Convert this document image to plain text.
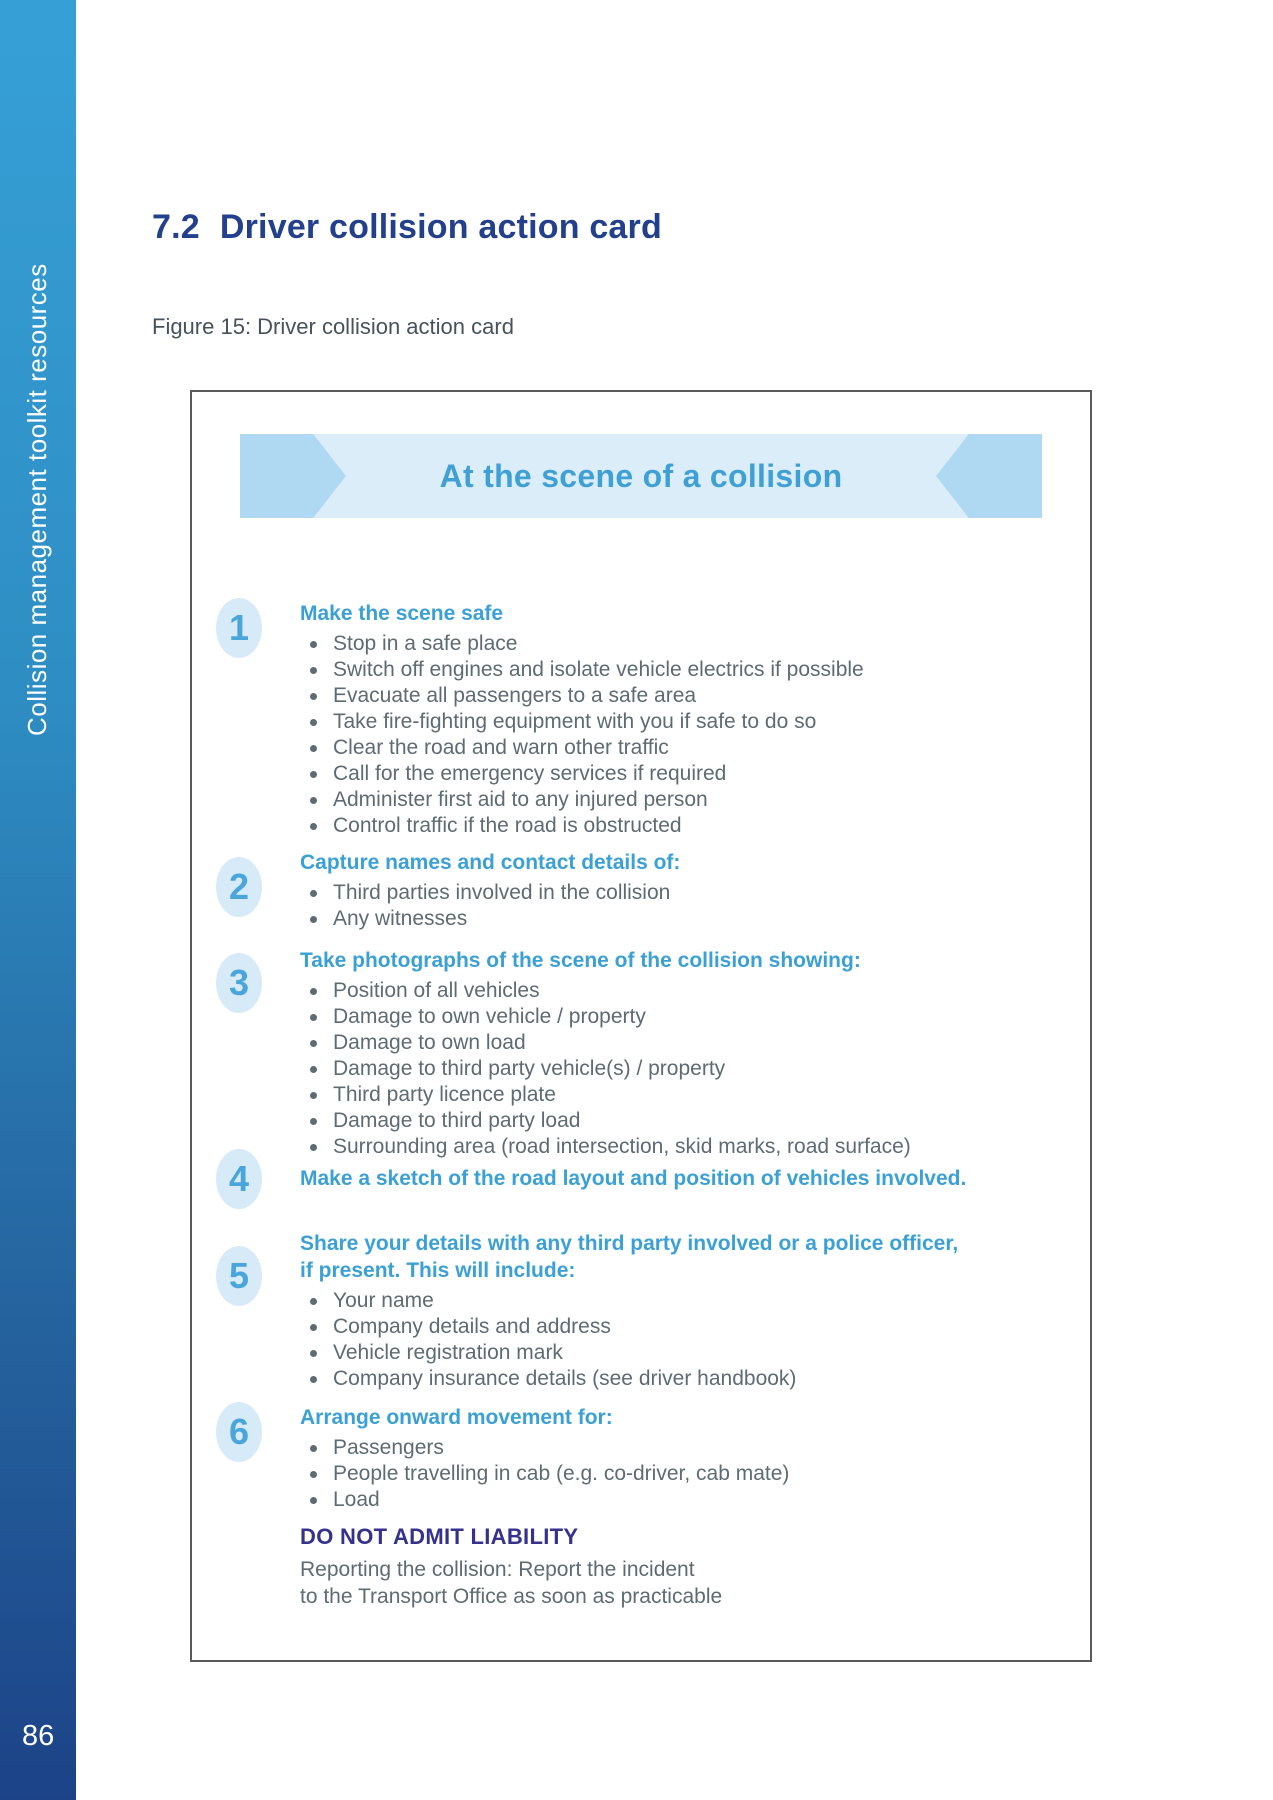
Collision management toolkit resources
86
7.2 Driver collision action card
Figure 15: Driver collision action card
At the scene of a collision
1 Make the scene safe
Stop in a safe place
Switch off engines and isolate vehicle electrics if possible
Evacuate all passengers to a safe area
Take fire-fighting equipment with you if safe to do so
Clear the road and warn other traffic
Call for the emergency services if required
Administer first aid to any injured person
Control traffic if the road is obstructed
2
Capture names and contact details of:
Third parties involved in the collision
Any witnesses
3
Take photographs of the scene of the collision showing:
Position of all vehicles
Damage to own vehicle / property
Damage to own load
Damage to third party vehicle(s) / property
Third party licence plate
Damage to third party load
Surrounding area (road intersection, skid marks, road surface)
4 Make a sketch of the road layout and position of vehicles involved.
5
Share your details with any third party involved or a police officer,
if present. This will include:
Your name
Company details and address
Vehicle registration mark
Company insurance details (see driver handbook)
6 Arrange onward movement for:
Passengers
People travelling in cab (e.g. co-driver, cab mate)
Load
DO NOT ADMIT LIABILITY
Reporting the collision: Report the incident
to the Transport Office as soon as practicable
